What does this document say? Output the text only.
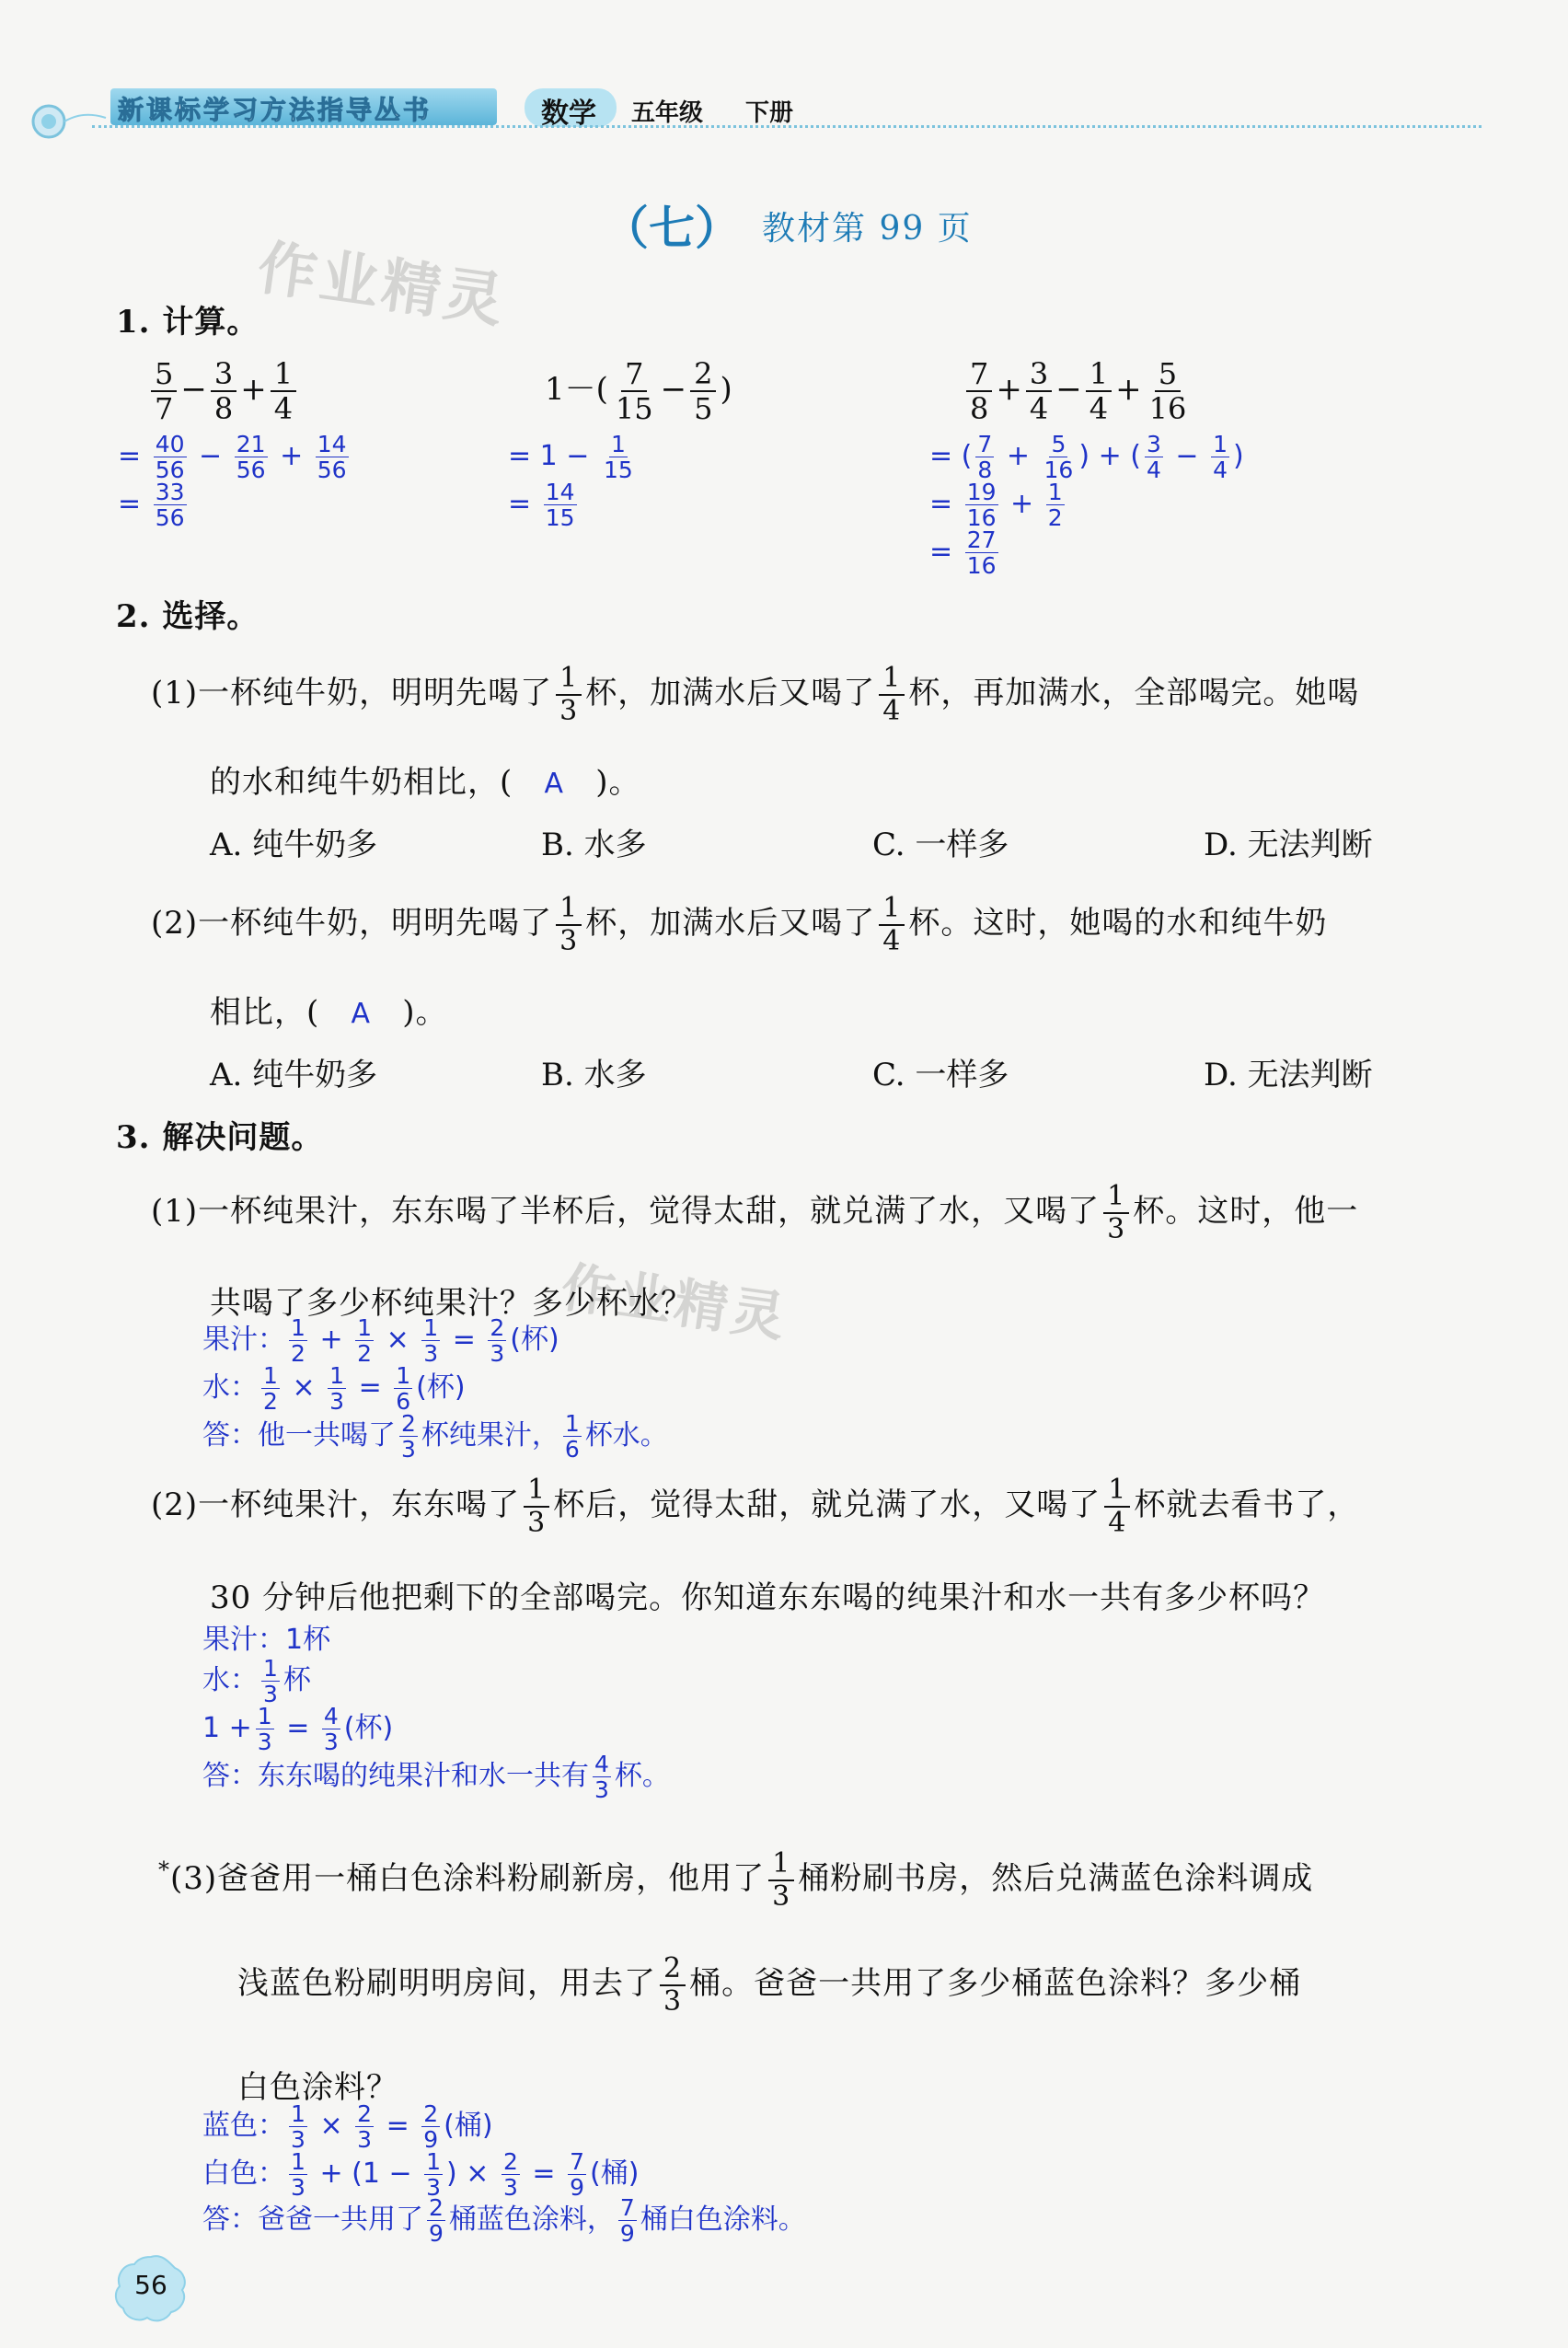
新课标学习方法指导丛书	数学 五年级 下册
（七） 教材第 99 页
作业精灵
作业精灵
1. 计算。
$\frac{5}{7} - \frac{3}{8} + \frac{1}{4}$
= $\frac{40}{56} - \frac{21}{56} + \frac{14}{56}$
= $\frac{33}{56}$
$1-( \frac{7}{15} - \frac{2}{5}$ )
= $1 - \frac{1}{15}$
= $\frac{14}{15}$
$\frac{7}{8} + \frac{3}{4} - \frac{1}{4} + \frac{5}{16}$
= ( $\frac{7}{8} + \frac{5}{16}$ ) + ( $\frac{3}{4} - \frac{1}{4}$ )
= $\frac{19}{16} + \frac{1}{2}$
= $\frac{27}{16}$
2. 选择。
(1)一杯纯牛奶，明明先喝了 $\frac{1}{3}$ 杯，加满水后又喝了 $\frac{1}{4}$ 杯，再加满水，全部喝完。她喝
的水和纯牛奶相比，( A )。
A. 纯牛奶多	B. 水多	C. 一样多	D. 无法判断
(2)一杯纯牛奶，明明先喝了 $\frac{1}{3}$ 杯，加满水后又喝了 $\frac{1}{4}$ 杯。这时，她喝的水和纯牛奶
相比，( A )。
A. 纯牛奶多	B. 水多	C. 一样多	D. 无法判断
3. 解决问题。
(1)一杯纯果汁，东东喝了半杯后，觉得太甜，就兑满了水，又喝了 $\frac{1}{3}$ 杯。这时，他一
共喝了多少杯纯果汁？多少杯水？
果汁： $\frac{1}{2} + \frac{1}{2} \times \frac{1}{3} = \frac{2}{3}$ (杯)
水： $\frac{1}{2} \times \frac{1}{3} = \frac{1}{6}$ (杯)
答：他一共喝了 $\frac{2}{3}$ 杯纯果汁， $\frac{1}{6}$ 杯水。
(2)一杯纯果汁，东东喝了 $\frac{1}{3}$ 杯后，觉得太甜，就兑满了水，又喝了 $\frac{1}{4}$ 杯就去看书了，
30 分钟后他把剩下的全部喝完。你知道东东喝的纯果汁和水一共有多少杯吗？
果汁：1杯
水： $\frac{1}{3}$ 杯
$1 + \frac{1}{3} = \frac{4}{3}$ (杯)
答：东东喝的纯果汁和水一共有 $\frac{4}{3}$ 杯。
*(3)爸爸用一桶白色涂料粉刷新房，他用了 $\frac{1}{3}$ 桶粉刷书房，然后兑满蓝色涂料调成
浅蓝色粉刷明明房间，用去了 $\frac{2}{3}$ 桶。爸爸一共用了多少桶蓝色涂料？多少桶
白色涂料？
蓝色： $\frac{1}{3} \times \frac{2}{3} = \frac{2}{9}$ (桶)
白色： $\frac{1}{3} + (1 - \frac{1}{3}$ ) × $\frac{2}{3} = \frac{7}{9}$ (桶)
答：爸爸一共用了 $\frac{2}{9}$ 桶蓝色涂料， $\frac{7}{9}$ 桶白色涂料。
56
